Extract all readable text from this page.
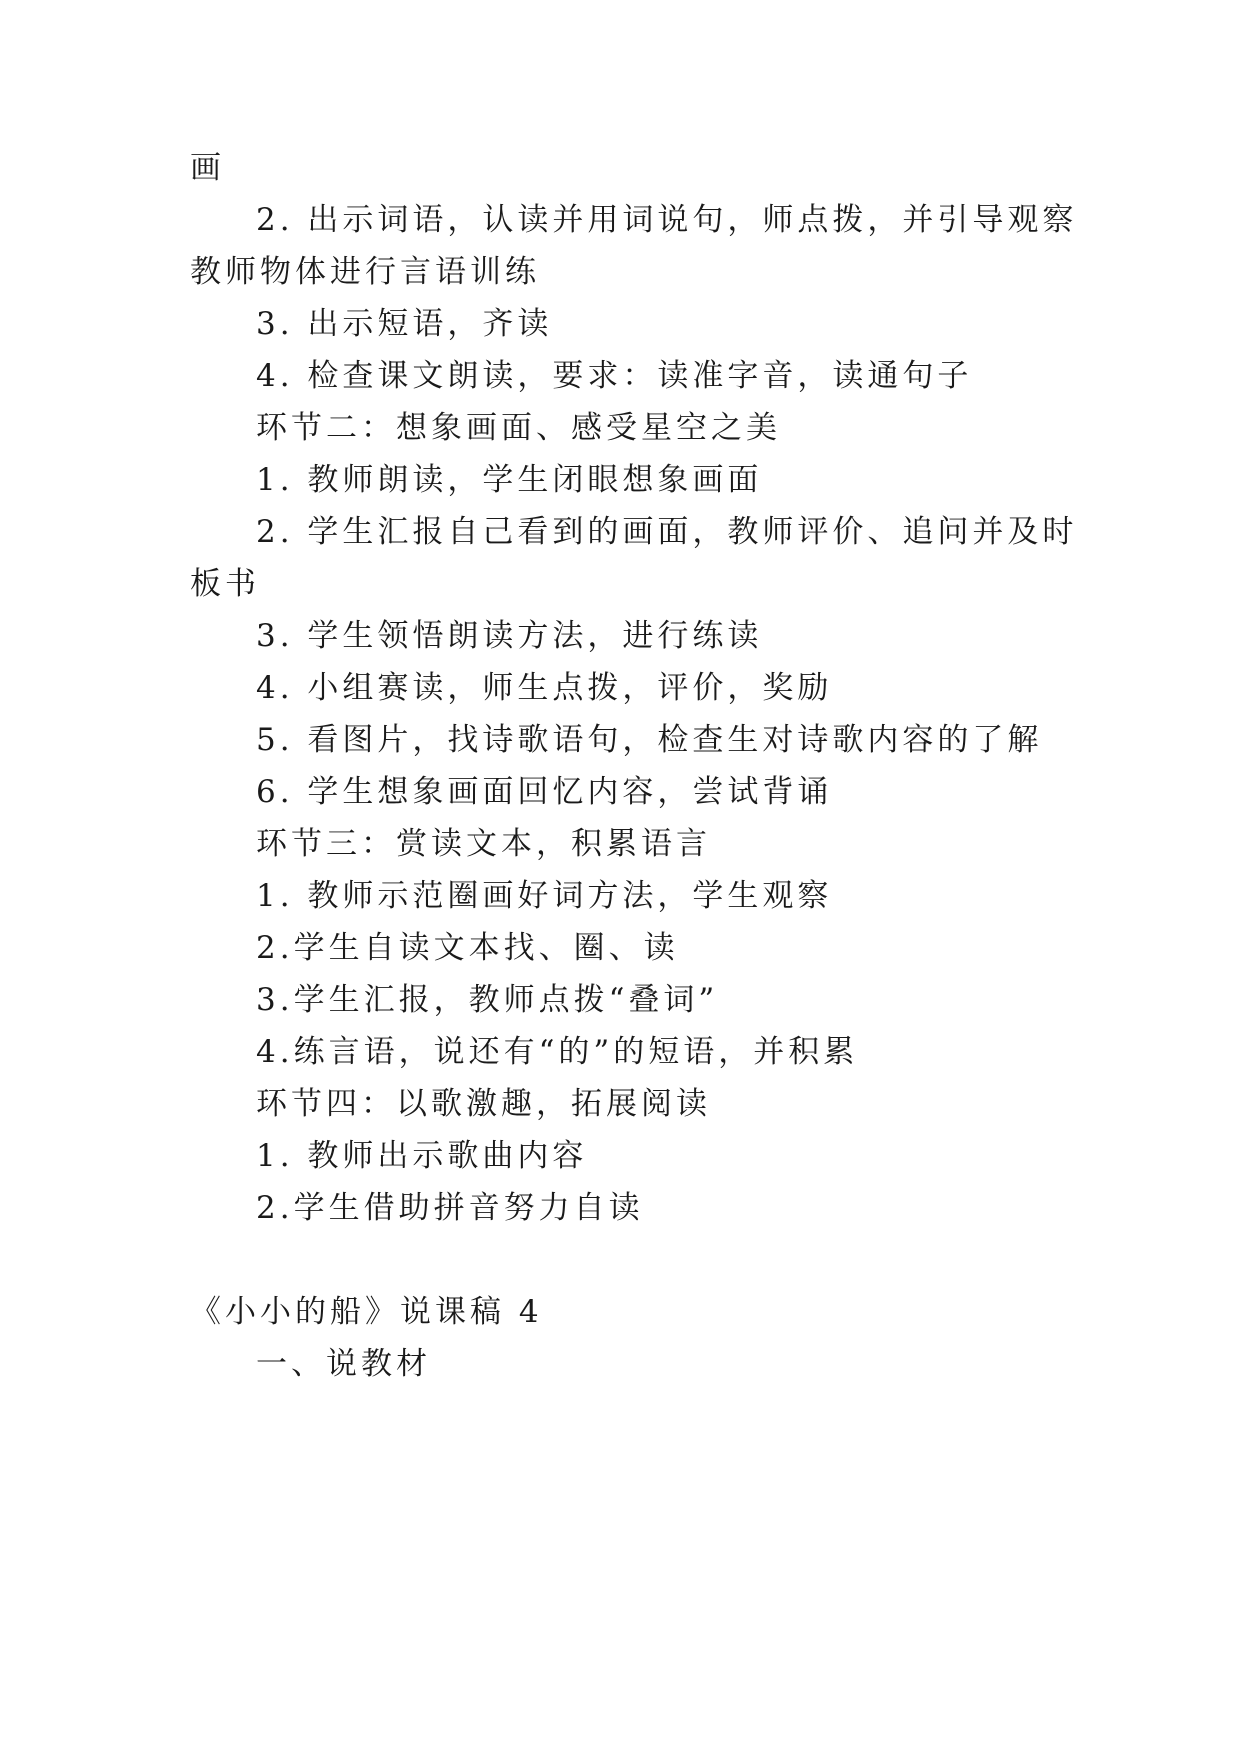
画
2. 出示词语，认读并用词说句，师点拨，并引导观察
教师物体进行言语训练
3. 出示短语，齐读
4. 检查课文朗读，要求：读准字音，读通句子
环节二：想象画面、感受星空之美
1. 教师朗读，学生闭眼想象画面
2. 学生汇报自己看到的画面，教师评价、追问并及时
板书
3. 学生领悟朗读方法，进行练读
4. 小组赛读，师生点拨，评价，奖励
5. 看图片，找诗歌语句，检查生对诗歌内容的了解
6. 学生想象画面回忆内容，尝试背诵
环节三：赏读文本，积累语言
1. 教师示范圈画好词方法，学生观察
2.学生自读文本找、圈、读
3.学生汇报，教师点拨“叠词”
4.练言语，说还有“的”的短语，并积累
环节四：以歌激趣，拓展阅读
1. 教师出示歌曲内容
2.学生借助拼音努力自读
《小小的船》说课稿 4
一、说教材
